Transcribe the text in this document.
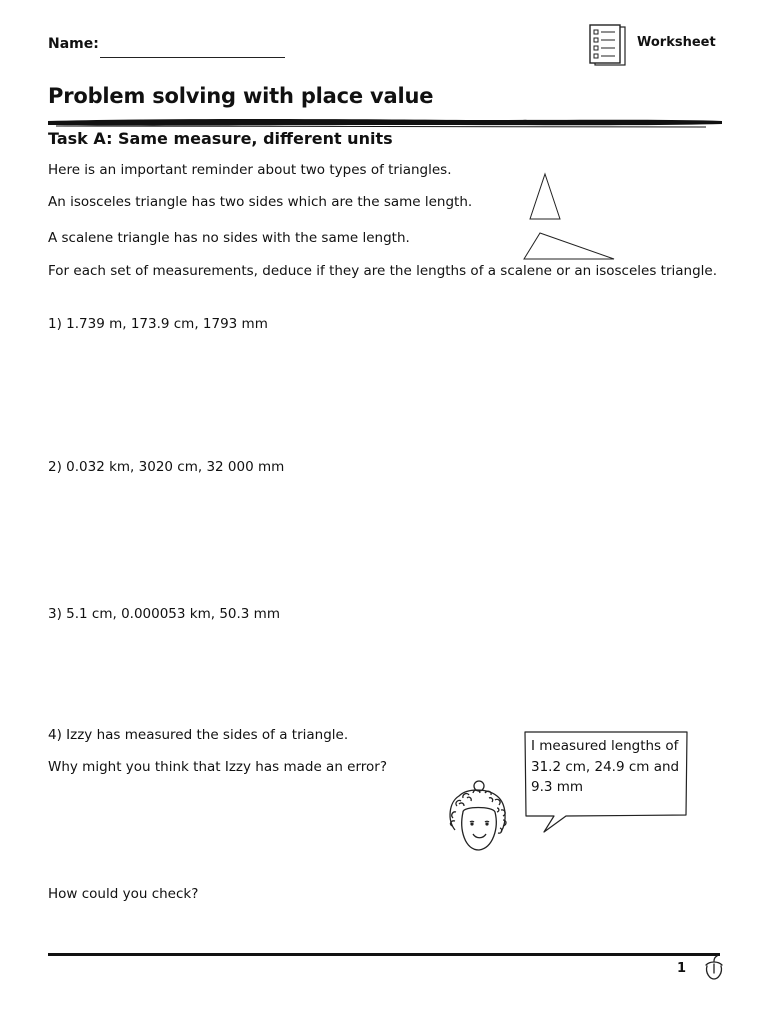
Name:	Worksheet
Problem solving with place value
Task A: Same measure, different units
Here is an important reminder about two types of triangles.
An isosceles triangle has two sides which are the same length.
A scalene triangle has no sides with the same length.
For each set of measurements, deduce if they are the lengths of a scalene or an isosceles triangle.
1) 1.739 m, 173.9 cm, 1793 mm
2) 0.032 km, 3020 cm, 32 000 mm
3) 5.1 cm, 0.000053 km, 50.3 mm
4) Izzy has measured the sides of a triangle.
Why might you think that Izzy has made an error?
How could you check?
I measured lengths of 31.2 cm, 24.9 cm and 9.3 mm
1
